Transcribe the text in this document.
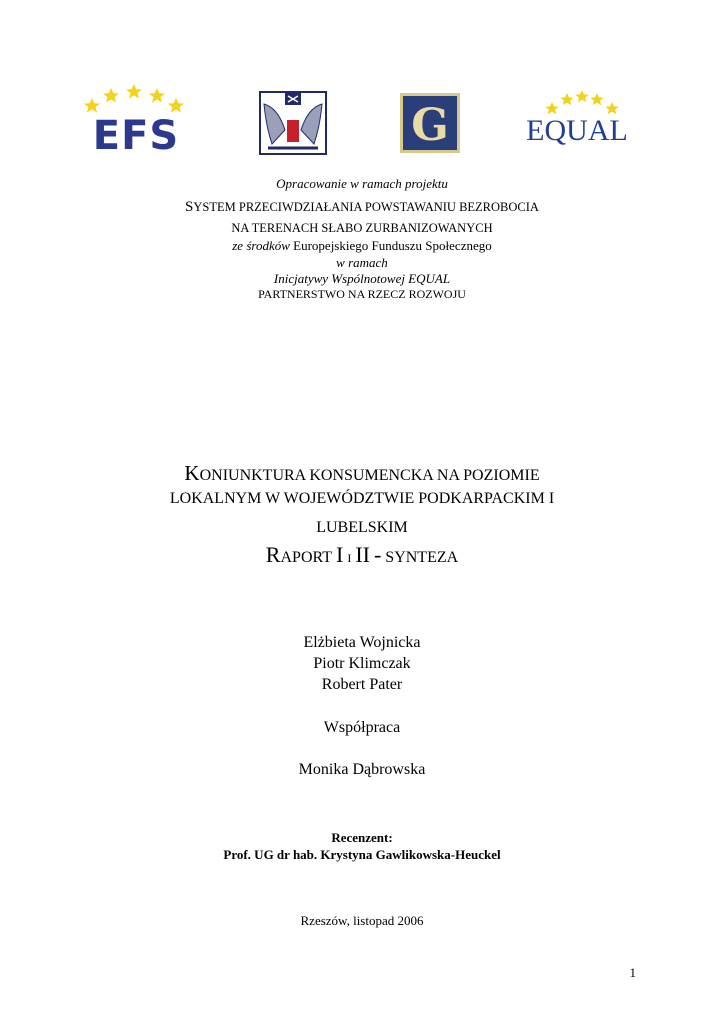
EFS	G	EQUAL
Opracowanie w ramach projektu
SYSTEM PRZECIWDZIAŁANIA POWSTAWANIU BEZROBOCIA
NA TERENACH SŁABO ZURBANIZOWANYCH
ze środków Europejskiego Funduszu Społecznego
w ramach
Inicjatywy Wspólnotowej EQUAL
PARTNERSTWO NA RZECZ ROZWOJU
KONIUNKTURA KONSUMENCKA NA POZIOMIE
LOKALNYM W WOJEWÓDZTWIE PODKARPACKIM I
LUBELSKIM
RAPORT I I II - SYNTEZA
Elżbieta Wojnicka
Piotr Klimczak
Robert Pater
Współpraca
Monika Dąbrowska
Recenzent:
Prof. UG dr hab. Krystyna Gawlikowska-Heuckel
Rzeszów, listopad 2006
1
